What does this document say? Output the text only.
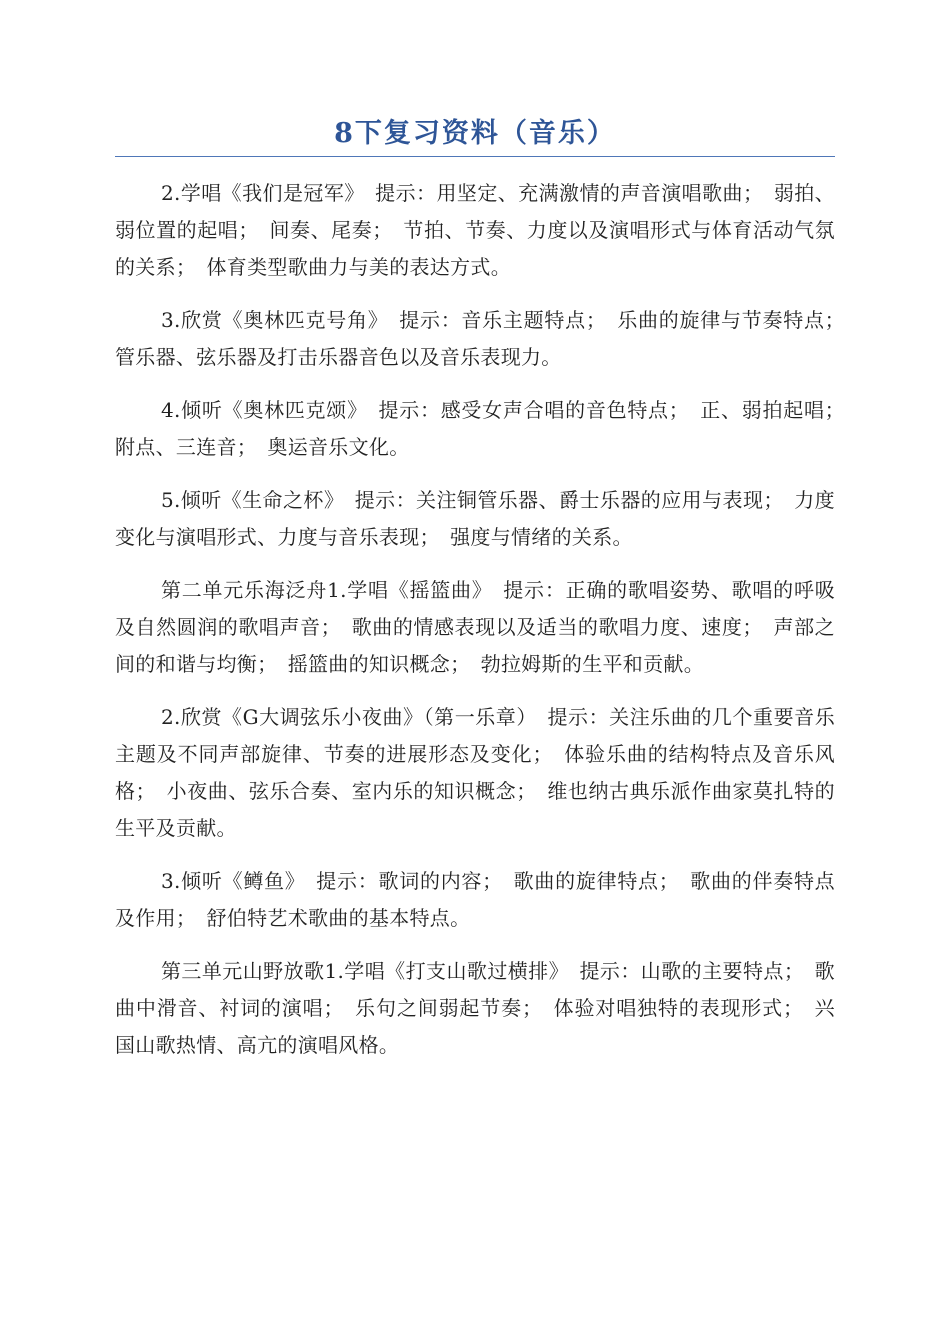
8下复习资料（音乐）

2.学唱《我们是冠军》　提示：用坚定、充满激情的声音演唱歌曲；　弱拍、弱位置的起唱；　间奏、尾奏；　节拍、节奏、力度以及演唱形式与体育活动气氛的关系；　体育类型歌曲力与美的表达方式。

3.欣赏《奥林匹克号角》　提示：音乐主题特点；　乐曲的旋律与节奏特点；　管乐器、弦乐器及打击乐器音色以及音乐表现力。

4.倾听《奥林匹克颂》　提示：感受女声合唱的音色特点；　正、弱拍起唱；　附点、三连音；　奥运音乐文化。

5.倾听《生命之杯》　提示：关注铜管乐器、爵士乐器的应用与表现；　力度变化与演唱形式、力度与音乐表现；　强度与情绪的关系。

第二单元乐海泛舟1.学唱《摇篮曲》　提示：正确的歌唱姿势、歌唱的呼吸及自然圆润的歌唱声音；　歌曲的情感表现以及适当的歌唱力度、速度；　声部之间的和谐与均衡；　摇篮曲的知识概念；　勃拉姆斯的生平和贡献。

2.欣赏《G大调弦乐小夜曲》（第一乐章）　提示：关注乐曲的几个重要音乐主题及不同声部旋律、节奏的进展形态及变化；　体验乐曲的结构特点及音乐风格；　小夜曲、弦乐合奏、室内乐的知识概念；　维也纳古典乐派作曲家莫扎特的生平及贡献。

3.倾听《鳟鱼》　提示：歌词的内容；　歌曲的旋律特点；　歌曲的伴奏特点及作用；　舒伯特艺术歌曲的基本特点。

第三单元山野放歌1.学唱《打支山歌过横排》　提示：山歌的主要特点；　歌曲中滑音、衬词的演唱；　乐句之间弱起节奏；　体验对唱独特的表现形式；　兴国山歌热情、高亢的演唱风格。
